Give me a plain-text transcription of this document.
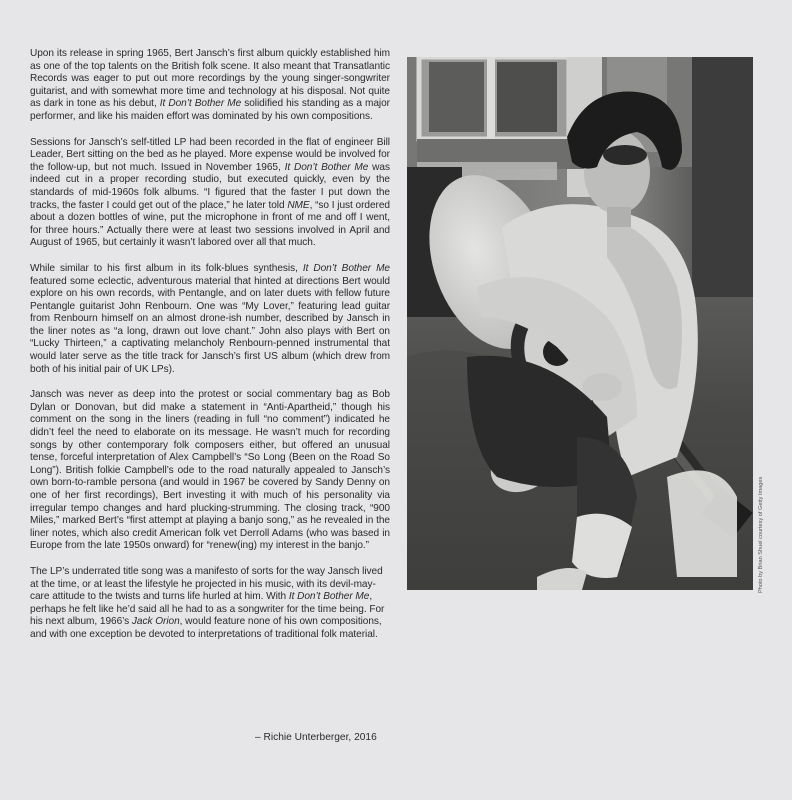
Upon its release in spring 1965, Bert Jansch’s first album quickly established him as one of the top talents on the British folk scene. It also meant that Transatlantic Records was eager to put out more recordings by the young singer-songwriter guitarist, and with somewhat more time and technology at his disposal. Not quite as dark in tone as his debut, It Don’t Bother Me solidified his standing as a major performer, and like his maiden effort was dominated by his own compositions.

Sessions for Jansch’s self-titled LP had been recorded in the flat of engineer Bill Leader, Bert sitting on the bed as he played. More expense would be involved for the follow-up, but not much. Issued in November 1965, It Don’t Bother Me was indeed cut in a proper recording studio, but executed quickly, even by the standards of mid-1960s folk albums. “I figured that the faster I put down the tracks, the faster I could get out of the place,” he later told NME, “so I just ordered about a dozen bottles of wine, put the microphone in front of me and off I went, for three hours.” Actually there were at least two sessions involved in April and August of 1965, but certainly it wasn’t labored over all that much.

While similar to his first album in its folk-blues synthesis, It Don’t Bother Me featured some eclectic, adventurous material that hinted at directions Bert would explore on his own records, with Pentangle, and on later duets with fellow future Pentangle guitarist John Renbourn. One was “My Lover,” featuring lead guitar from Renbourn himself on an almost drone-ish number, described by Jansch in the liner notes as “a long, drawn out love chant.” John also plays with Bert on “Lucky Thirteen,” a captivating melancholy Renbourn-penned instrumental that would later serve as the title track for Jansch’s first US album (which drew from both of his initial pair of UK LPs).

Jansch was never as deep into the protest or social commentary bag as Bob Dylan or Donovan, but did make a statement in “Anti-Apartheid,” though his comment on the song in the liners (reading in full “no comment”) indicated he didn’t feel the need to elaborate on its message. He wasn’t much for recording songs by other contemporary folk composers either, but offered an unusual tense, forceful interpretation of Alex Campbell’s “So Long (Been on the Road So Long”). British folkie Campbell’s ode to the road naturally appealed to Jansch’s own born-to-ramble persona (and would in 1967 be covered by Sandy Denny on one of her first recordings), Bert investing it with much of his personality via irregular tempo changes and hard plucking-strumming. The closing track, “900 Miles,” marked Bert’s “first attempt at playing a banjo song,” as he revealed in the liner notes, which also credit American folk vet Derroll Adams (who was based in Europe from the late 1950s onward) for “renew(ing) my interest in the banjo.”

The LP’s underrated title song was a manifesto of sorts for the way Jansch lived at the time, or at least the lifestyle he projected in his music, with its devil-may-care attitude to the twists and turns life hurled at him. With It Don’t Bother Me, perhaps he felt like he’d said all he had to as a songwriter for the time being. For his next album, 1966’s Jack Orion, would feature none of his own compositions, and with one exception be devoted to interpretations of traditional folk material.

– Richie Unterberger, 2016
Photo by Brian Shuel courtesy of Getty Images
